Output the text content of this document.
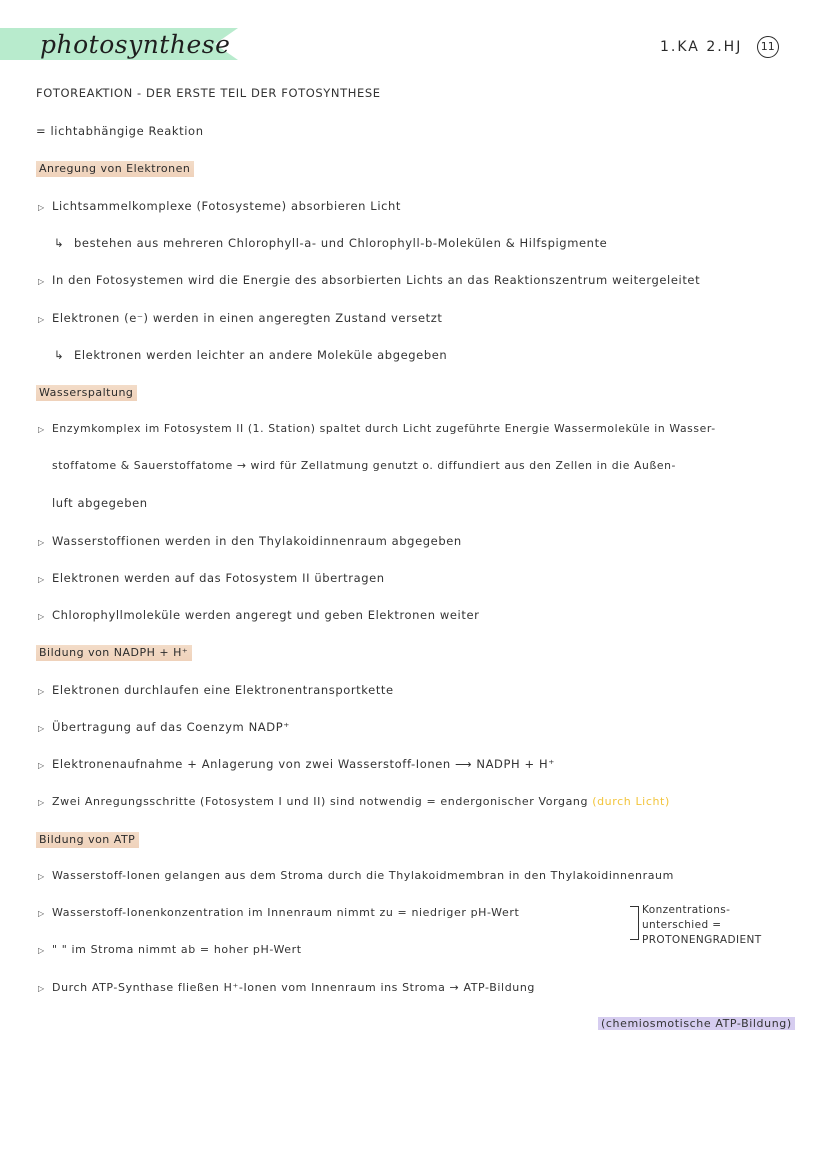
photosynthese	1.KA 2.HJ 11
FOTOREAKTION - DER ERSTE TEIL DER FOTOSYNTHESE
= lichtabhängige Reaktion
Anregung von Elektronen
▷ Lichtsammelkomplexe (Fotosysteme) absorbieren Licht
↳ bestehen aus mehreren Chlorophyll-a- und Chlorophyll-b-Molekülen & Hilfspigmente
▷ In den Fotosystemen wird die Energie des absorbierten Lichts an das Reaktionszentrum weitergeleitet
▷ Elektronen (e⁻) werden in einen angeregten Zustand versetzt
↳ Elektronen werden leichter an andere Moleküle abgegeben
Wasserspaltung
▷ Enzymkomplex im Fotosystem II (1. Station) spaltet durch Licht zugeführte Energie Wassermoleküle in Wasser-
stoffatome & Sauerstoffatome → wird für Zellatmung genutzt o. diffundiert aus den Zellen in die Außen-
luft abgegeben
▷ Wasserstoffionen werden in den Thylakoidinnenraum abgegeben
▷ Elektronen werden auf das Fotosystem II übertragen
▷ Chlorophyllmoleküle werden angeregt und geben Elektronen weiter
Bildung von NADPH + H⁺
▷ Elektronen durchlaufen eine Elektronentransportkette
▷ Übertragung auf das Coenzym NADP⁺
▷ Elektronenaufnahme + Anlagerung von zwei Wasserstoff-Ionen ⟶ NADPH + H⁺
▷ Zwei Anregungsschritte (Fotosystem I und II) sind notwendig = endergonischer Vorgang (durch Licht)
Bildung von ATP
▷ Wasserstoff-Ionen gelangen aus dem Stroma durch die Thylakoidmembran in den Thylakoidinnenraum
▷ Wasserstoff-Ionenkonzentration im Innenraum nimmt zu = niedriger pH-Wert
▷ " " im Stroma nimmt ab = hoher pH-Wert
Konzentrations-
unterschied =
PROTONENGRADIENT
▷ Durch ATP-Synthase fließen H⁺-Ionen vom Innenraum ins Stroma → ATP-Bildung
(chemiosmotische ATP-Bildung)
